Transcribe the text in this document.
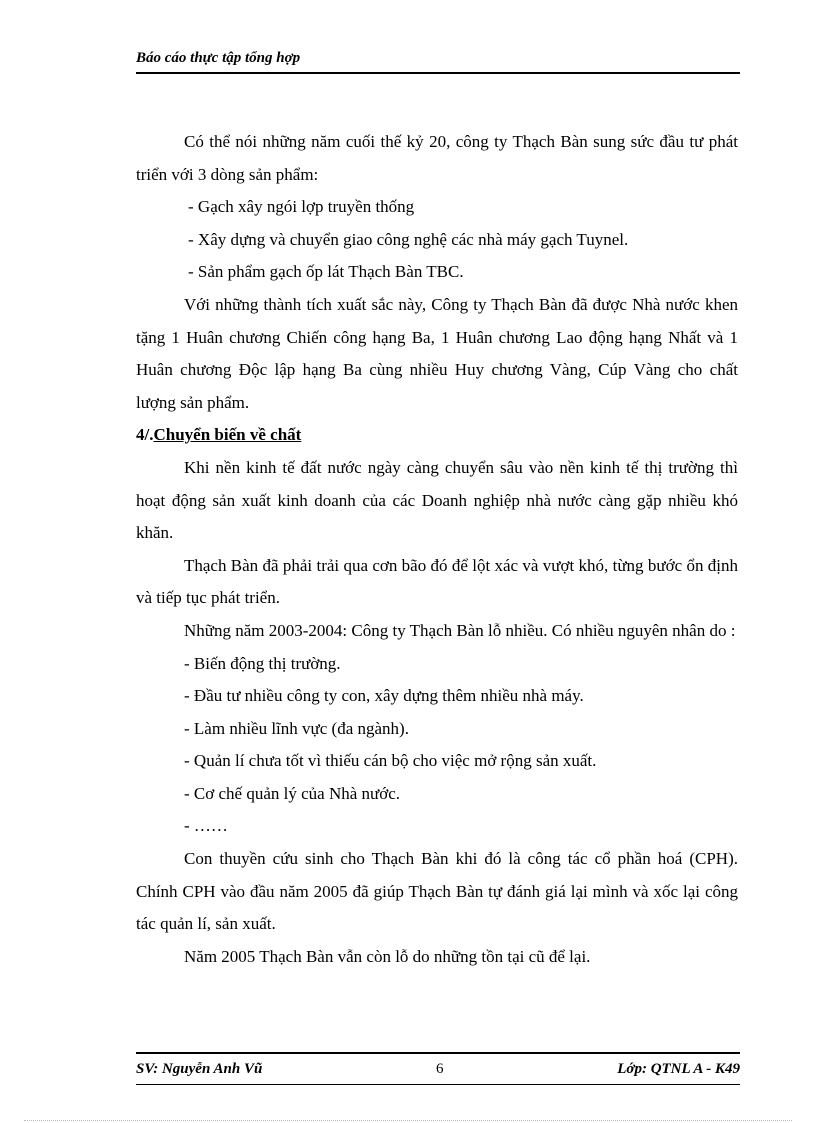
Báo cáo thực tập tổng hợp

Có thể nói những năm cuối thế kỷ 20, công ty Thạch Bàn sung sức đầu tư phát triển với 3 dòng sản phẩm:

- Gạch xây ngói lợp truyền thống

- Xây dựng và chuyển giao công nghệ các nhà máy gạch Tuynel.

- Sản phẩm gạch ốp lát Thạch Bàn TBC.

Với những thành tích xuất sắc này, Công ty Thạch Bàn đã được Nhà nước khen tặng 1 Huân chương Chiến công hạng Ba, 1 Huân chương Lao động hạng Nhất và 1 Huân chương Độc lập hạng Ba cùng nhiều Huy chương Vàng, Cúp Vàng cho chất lượng sản phẩm.

4/.Chuyển biến về chất

Khi nền kinh tế đất nước ngày càng chuyển sâu vào nền kinh tế thị trường thì hoạt động sản xuất kinh doanh của các Doanh nghiệp nhà nước càng gặp nhiều khó khăn.

Thạch Bàn đã phải trải qua cơn bão đó để lột xác và vượt khó, từng bước ổn định và tiếp tục phát triển.

Những năm 2003-2004: Công ty Thạch Bàn lỗ nhiều. Có nhiều nguyên nhân do :

- Biến động thị trường.

- Đầu tư nhiều công ty con, xây dựng thêm nhiều nhà máy.

- Làm nhiều lĩnh vực (đa ngành).

- Quản lí chưa tốt vì thiếu cán bộ cho việc mở rộng sản xuất.

- Cơ chế quản lý của Nhà nước.

- ……

Con thuyền cứu sinh cho Thạch Bàn khi đó là công tác cổ phần hoá (CPH). Chính CPH vào đầu năm 2005 đã giúp Thạch Bàn tự đánh giá lại mình và xốc lại công tác quản lí, sản xuất.

Năm 2005 Thạch Bàn vẫn còn lỗ do những tồn tại cũ để lại.

SV: Nguyễn Anh Vũ	6	Lớp: QTNL A - K49
